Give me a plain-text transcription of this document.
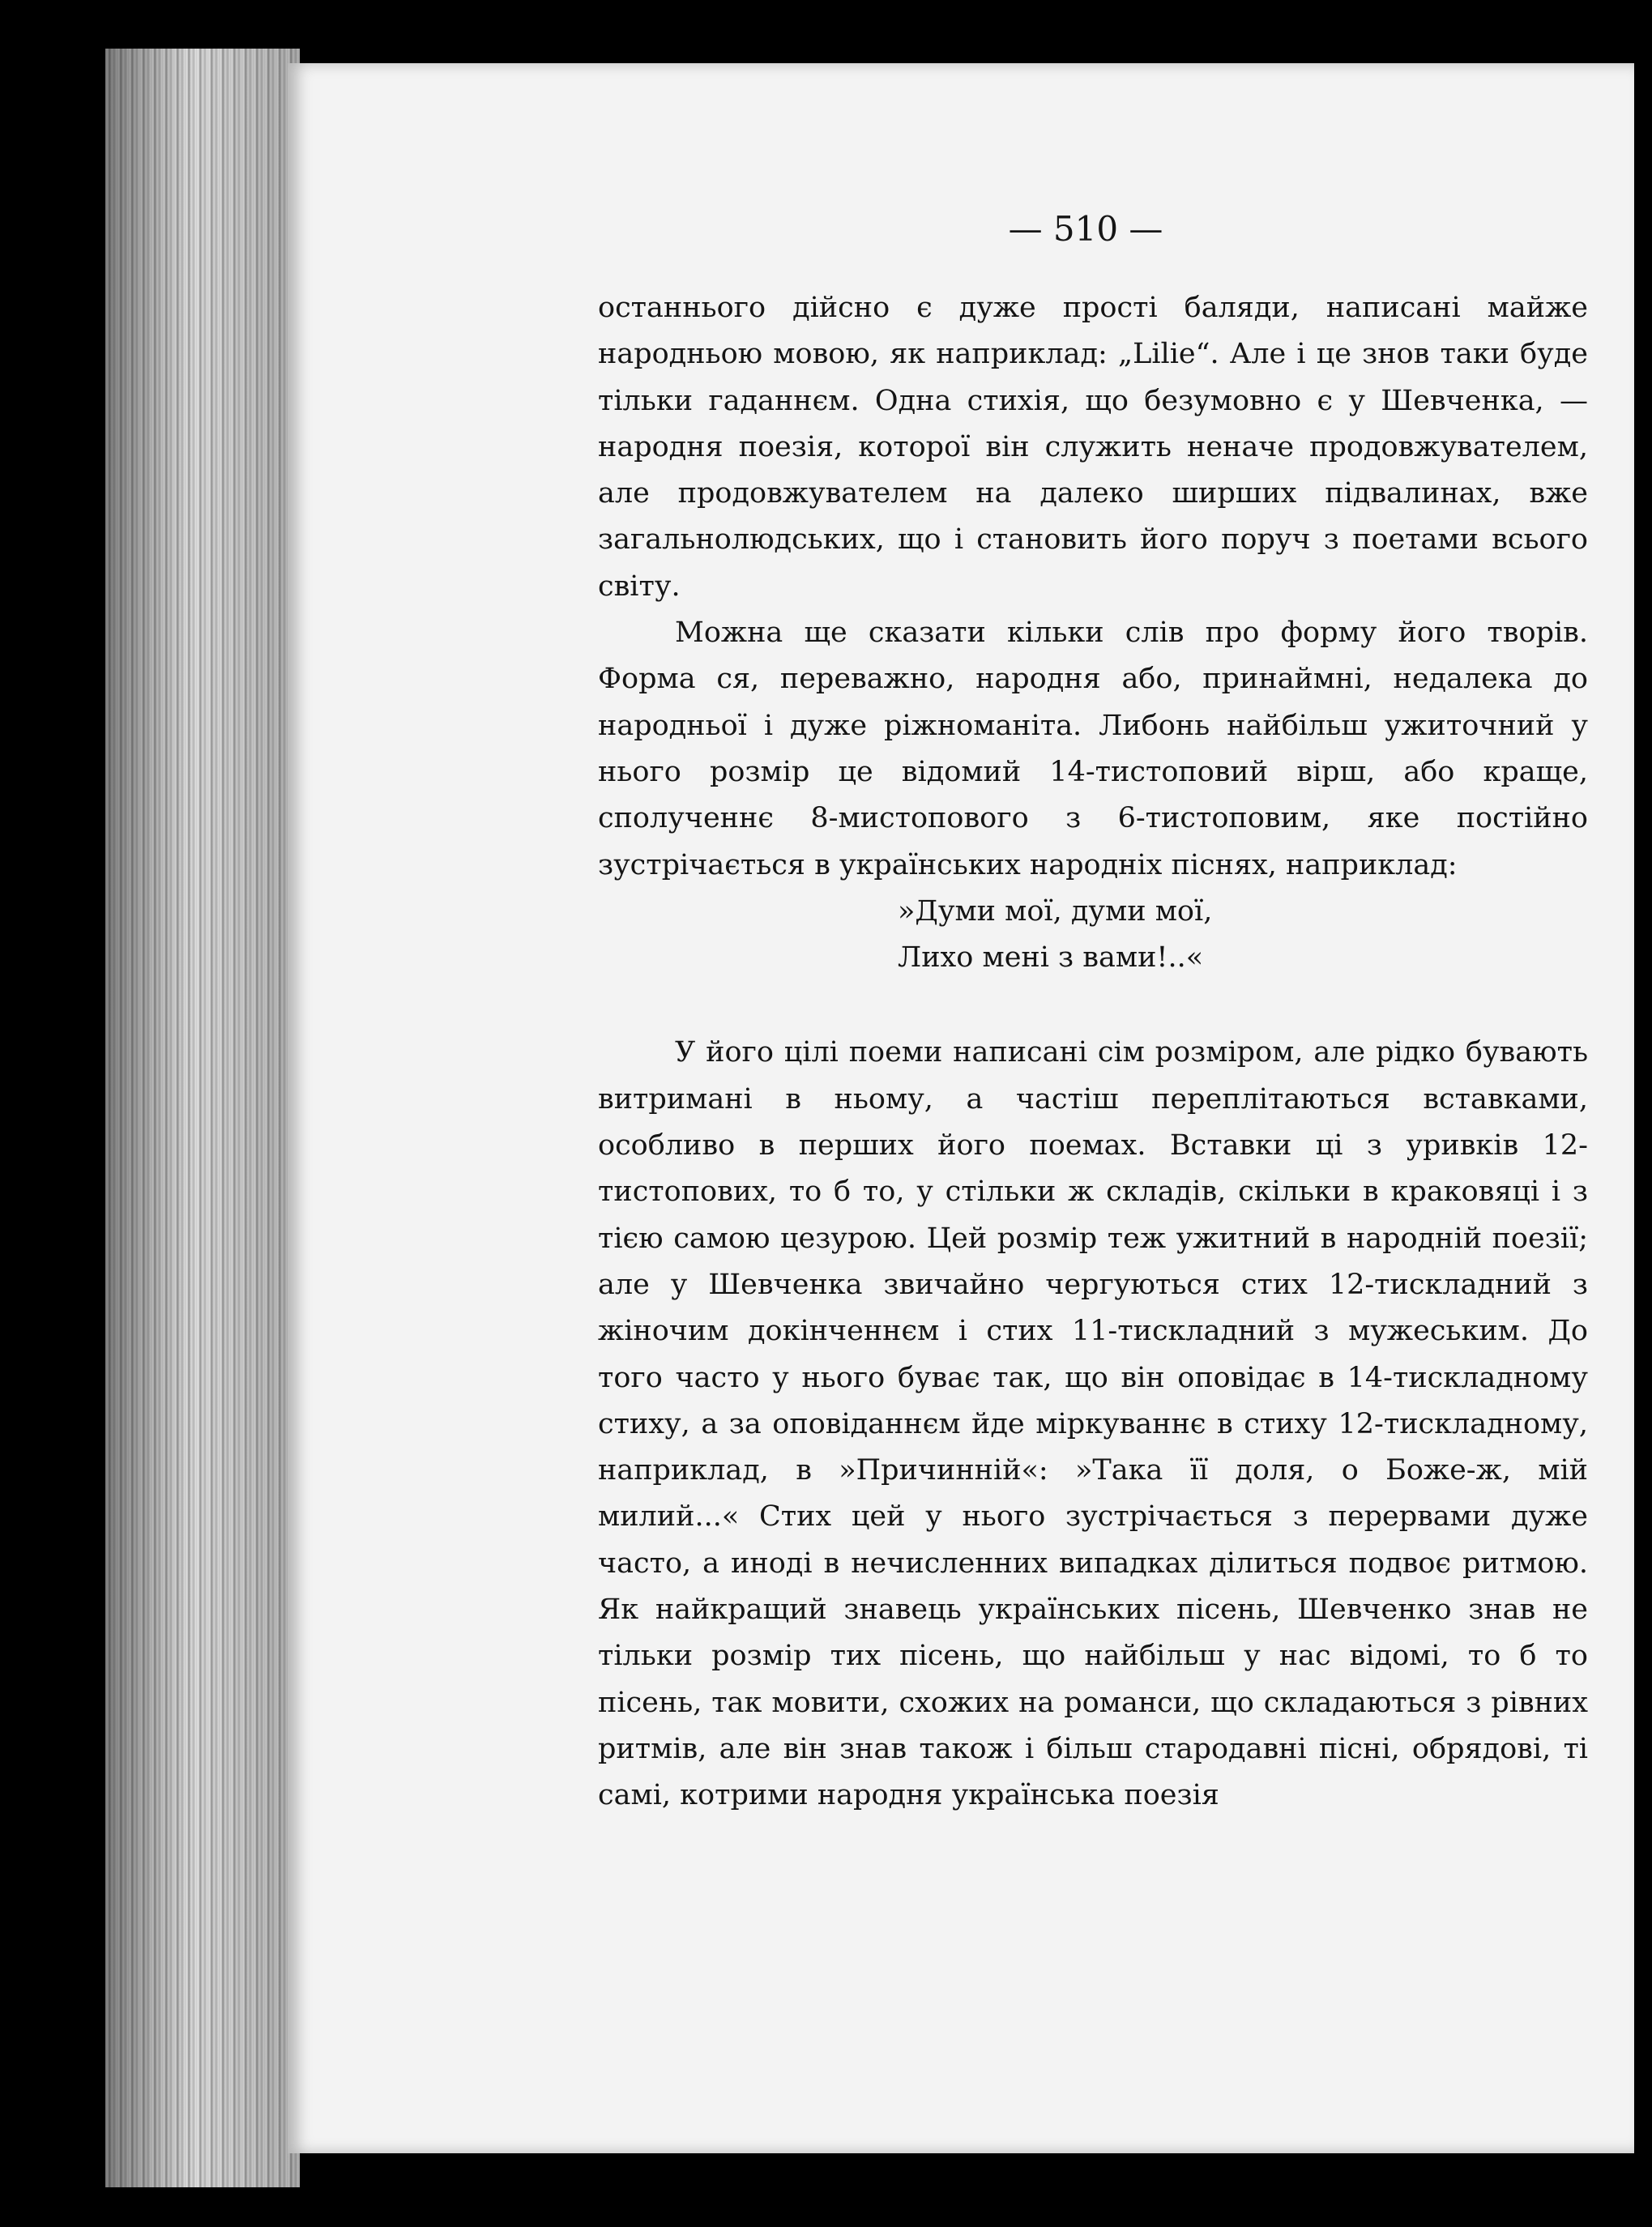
— 510 —

останнього дійсно є дуже прості баляди, написані майже народньою мовою, як наприклад: „Lilie“. Але і це знов таки буде тільки гаданнєм. Одна стихія, що безумовно є у Шевченка, — народня поезія, которої він служить неначе продовжувателем, але продовжувателем на далеко ширших підвалинах, вже загальнолюдських, що і становить його поруч з поетами всього світу.

Можна ще сказати кільки слів про форму його творів. Форма ся, переважно, народня або, принаймні, недалека до народньої і дуже ріжноманіта. Либонь найбільш ужиточний у нього розмір це відомий 14-тистоповий вірш, або краще, сполученнє 8-мистопового з 6-тистоповим, яке постійно зустрічається в українських народніх піснях, наприклад:

»Думи мої, думи мої,
Лихо мені з вами!..«

У його цілі поеми написані сім розміром, але рідко бувають витримані в ньому, а частіш переплітаються вставками, особливо в перших його поемах. Вставки ці з уривків 12-тистопових, то б то, у стільки ж складів, скільки в краковяці і з тією самою цезурою. Цей розмір теж ужитний в народній поезії; але у Шевченка звичайно чергуються стих 12-тискладний з жіночим докінченнєм і стих 11-тискладний з мужеським. До того часто у нього буває так, що він оповідає в 14-тискладному стиху, а за оповіданнєм йде міркуваннє в стиху 12-тискладному, наприклад, в »Причинній«: »Така її доля, о Боже-ж, мій милий...« Стих цей у нього зустрічається з перервами дуже часто, а иноді в нечисленних випадках ділиться подвоє ритмою. Як найкращий знавець українських пісень, Шевченко знав не тільки розмір тих пісень, що найбільш у нас відомі, то б то пісень, так мовити, схожих на романси, що складаються з рівних ритмів, але він знав також і більш стародавні пісні, обрядові, ті самі, котрими народня українська поезія
